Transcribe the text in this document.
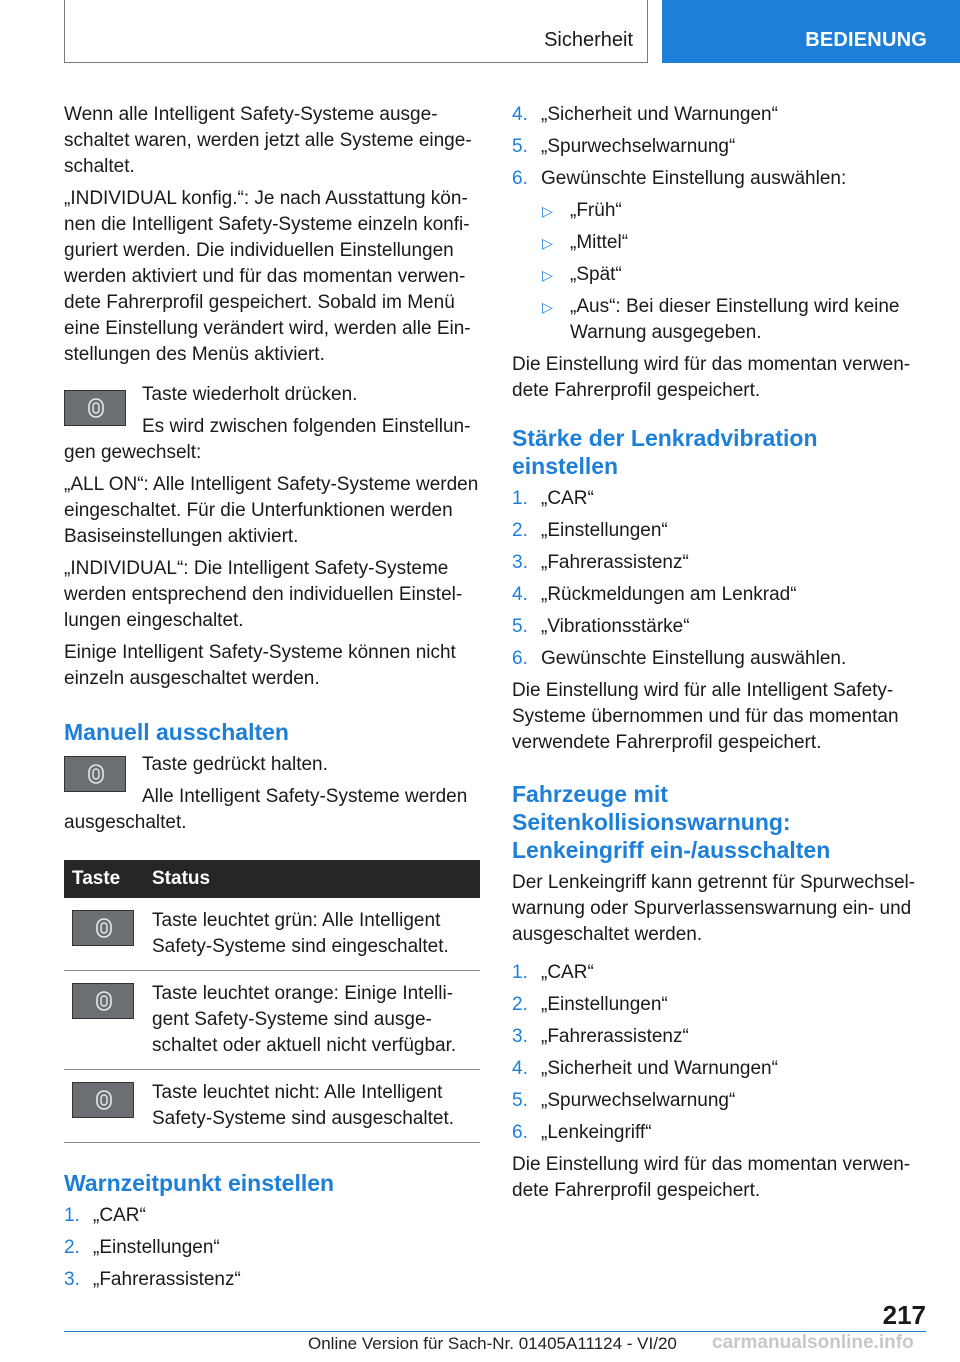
Sicherheit	BEDIENUNG

Wenn alle Intelligent Safety-Systeme ausgeschaltet waren, werden jetzt alle Systeme eingeschaltet.

„INDIVIDUAL konfig.“: Je nach Ausstattung können die Intelligent Safety-Systeme einzeln konfiguriert werden. Die individuellen Einstellungen werden aktiviert und für das momentan verwendete Fahrerprofil gespeichert. Sobald im Menü eine Einstellung verändert wird, werden alle Einstellungen des Menüs aktiviert.

Taste wiederholt drücken.

Es wird zwischen folgenden Einstellungen gewechselt:

„ALL ON“: Alle Intelligent Safety-Systeme werden eingeschaltet. Für die Unterfunktionen werden Basiseinstellungen aktiviert.

„INDIVIDUAL“: Die Intelligent Safety-Systeme werden entsprechend den individuellen Einstellungen eingeschaltet.

Einige Intelligent Safety-Systeme können nicht einzeln ausgeschaltet werden.

Manuell ausschalten

Taste gedrückt halten.

Alle Intelligent Safety-Systeme werden ausgeschaltet.

Taste	Status

	Taste leuchtet grün: Alle Intelligent Safety-Systeme sind eingeschaltet.

	Taste leuchtet orange: Einige Intelligent Safety-Systeme sind ausgeschaltet oder aktuell nicht verfügbar.

	Taste leuchtet nicht: Alle Intelligent Safety-Systeme sind ausgeschaltet.
Warnzeitpunkt einstellen
1. „CAR“
2. „Einstellungen“
3. „Fahrerassistenz“
4. „Sicherheit und Warnungen“
5. „Spurwechselwarnung“
6. Gewünschte Einstellung auswählen:
▷ „Früh“
▷ „Mittel“
▷ „Spät“
▷ „Aus“: Bei dieser Einstellung wird keine Warnung ausgegeben.

Die Einstellung wird für das momentan verwendete Fahrerprofil gespeichert.

Stärke der Lenkradvibration einstellen
1. „CAR“
2. „Einstellungen“
3. „Fahrerassistenz“
4. „Rückmeldungen am Lenkrad“
5. „Vibrationsstärke“
6. Gewünschte Einstellung auswählen.

Die Einstellung wird für alle Intelligent Safety-Systeme übernommen und für das momentan verwendete Fahrerprofil gespeichert.

Fahrzeuge mit Seitenkollisionswarnung: Lenkeingriff ein-/ausschalten

Der Lenkeingriff kann getrennt für Spurwechselwarnung oder Spurverlassenswarnung ein- und ausgeschaltet werden.

1. „CAR“
2. „Einstellungen“
3. „Fahrerassistenz“
4. „Sicherheit und Warnungen“
5. „Spurwechselwarnung“
6. „Lenkeingriff“

Die Einstellung wird für das momentan verwendete Fahrerprofil gespeichert.

217
Online Version für Sach-Nr. 01405A11124 - VI/20 carmanualsonline.info
